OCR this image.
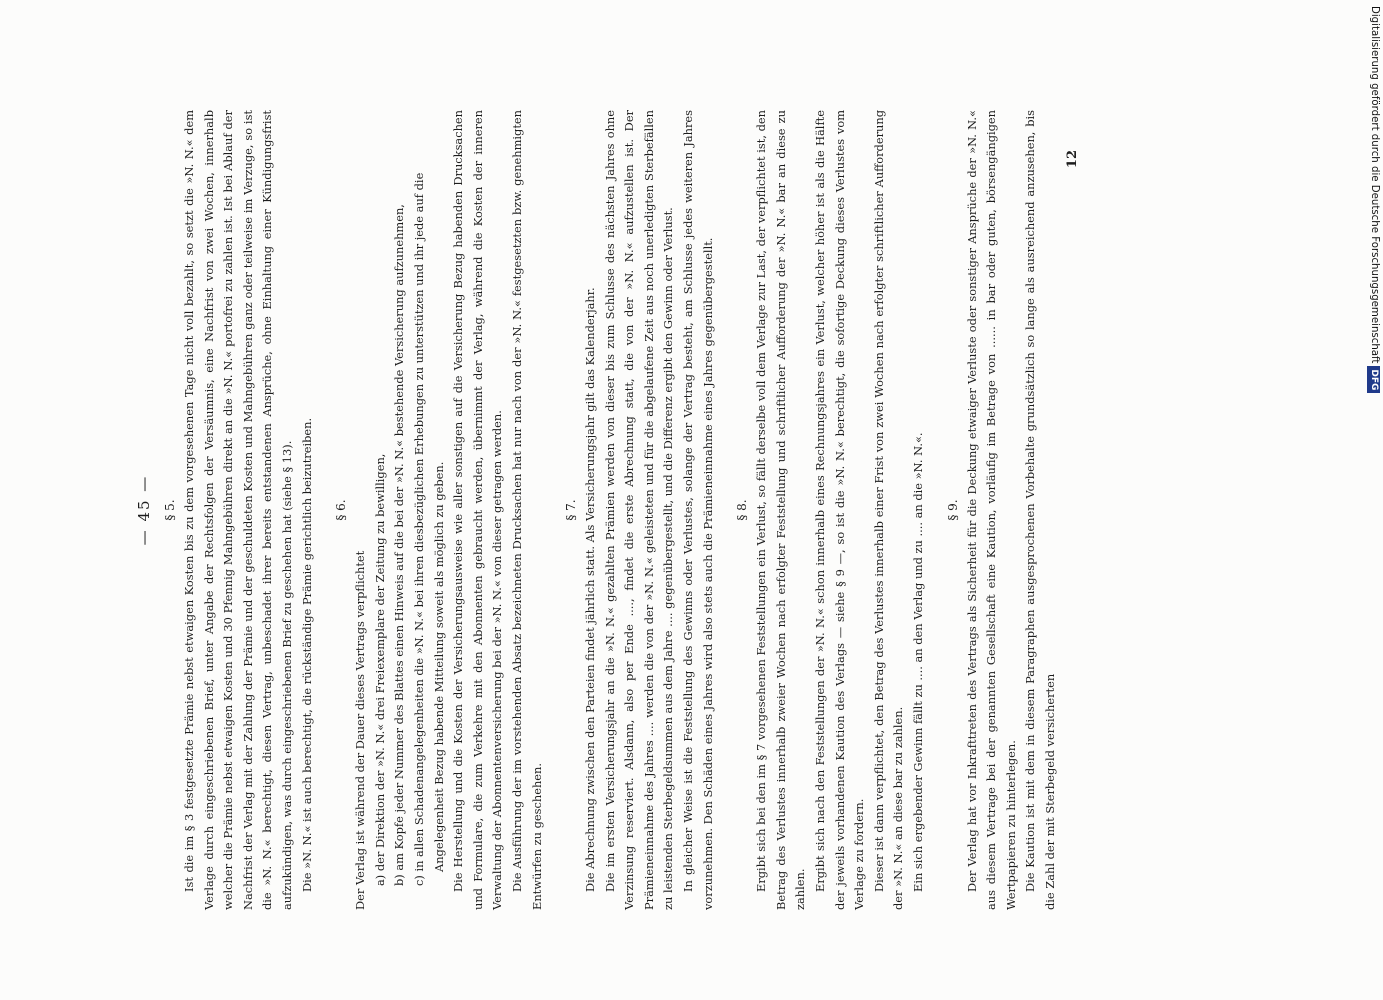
— 45 — § 5. Ist die im § 3 festgesetzte Prämie nebst etwaigen Kosten bis zu dem vorgesehenen Tage nicht voll bezahlt, so setzt die »N. N.« dem Verlage durch eingeschriebenen Brief, unter Angabe der Rechtsfolgen der Versäumnis, eine Nachfrist von zwei Wochen, innerhalb welcher die Prämie nebst etwaigen Kosten und 30 Pfennig Mahngebühren direkt an die »N. N.« portofrei zu zahlen ist. Ist bei Ablauf der Nachfrist der Verlag mit der Zahlung der Prämie und der geschuldeten Kosten und Mahngebühren ganz oder teilweise im Verzuge, so ist die »N. N.« berechtigt, diesen Vertrag, unbeschadet ihrer bereits entstandenen Ansprüche, ohne Einhaltung einer Kündigungsfrist aufzukündigen, was durch eingeschriebenen Brief zu geschehen hat (siehe § 13). Die »N. N.« ist auch berechtigt, die rückständige Prämie gerichtlich beizutreiben. § 6.

Der Verlag ist während der Dauer dieses Vertrags verpflichtet a) der Direktion der »N. N.« drei Freiexemplare der Zeitung zu bewilligen, b) am Kopfe jeder Nummer des Blattes einen Hinweis auf die bei der »N. N.« bestehende Versicherung aufzunehmen, c) in allen Schadenangelegenheiten die »N. N.« bei ihren diesbezüglichen Erhebungen zu unterstützen und ihr jede auf die Angelegenheit Bezug habende Mitteilung soweit als möglich zu geben. Die Herstellung und die Kosten der Versicherungsausweise wie aller sonstigen auf die Versicherung Bezug habenden Drucksachen und Formulare, die zum Verkehre mit den Abonnenten gebraucht werden, übernimmt der Verlag, während die Kosten der inneren Verwaltung der Abonnentenversicherung bei der »N. N.« von dieser getragen werden. Die Ausführung der im vorstehenden Absatz bezeichneten Drucksachen hat nur nach von der »N. N.« festgesetzten bzw. genehmigten Entwürfen zu geschehen.

§ 7. Die Abrechnung zwischen den Parteien findet jährlich statt. Als Versicherungsjahr gilt das Kalenderjahr. Die im ersten Versicherungsjahr an die »N. N.« gezahlten Prämien werden von dieser bis zum Schlusse des nächsten Jahres ohne Verzinsung reserviert. Alsdann, also per Ende ...., findet die erste Abrechnung statt, die von der »N. N.« aufzustellen ist. Der Prämieneinnahme des Jahres .... werden die von der »N. N.« geleisteten und für die abgelaufene Zeit aus noch unerledigten Sterbefällen zu leistenden Sterbegeldsummen aus dem Jahre .... gegenübergestellt, und die Differenz ergibt den Gewinn oder Verlust. In gleicher Weise ist die Feststellung des Gewinns oder Verlustes, solange der Vertrag besteht, am Schlusse jedes weiteren Jahres vorzunehmen. Den Schäden eines Jahres wird also stets auch die Prämieneinnahme eines Jahres gegenübergestellt. § 8. Ergibt sich bei den im § 7 vorgesehenen Feststellungen ein Verlust, so fällt derselbe voll dem Verlage zur Last, der verpflichtet ist, den Betrag des Verlustes innerhalb zweier Wochen nach erfolgter Feststellung und schriftlicher Aufforderung der »N. N.« bar an diese zu zahlen. Ergibt sich nach den Feststellungen der »N. N.« schon innerhalb eines Rechnungsjahres ein Verlust, welcher höher ist als die Hälfte der jeweils vorhandenen Kaution des Verlags — siehe § 9 —, so ist die »N. N.« berechtigt, die sofortige Deckung dieses Verlustes vom Verlage zu fordern. Dieser ist dann verpflichtet, den Betrag des Verlustes innerhalb einer Frist von zwei Wochen nach erfolgter schriftlicher Aufforderung der »N. N.« an diese bar zu zahlen. Ein sich ergebender Gewinn fällt zu .... an den Verlag und zu .... an die »N. N.«. § 9. Der Verlag hat vor Inkrafttreten des Vertrags als Sicherheit für die Deckung etwaiger Verluste oder sonstiger Ansprüche der »N. N.« aus diesem Vertrage bei der genannten Gesellschaft eine Kaution, vorläufig im Betrage von ...... in bar oder guten, börsengängigen Wertpapieren zu hinterlegen. Die Kaution ist mit dem in diesem Paragraphen ausgesprochenen Vorbehalte grundsätzlich so lange als ausreichend anzusehen, bis die Zahl der mit Sterbegeld versicherten

12	Digitalisierung gefördert durch die Deutsche ForschungsgemeinschaftDFG
